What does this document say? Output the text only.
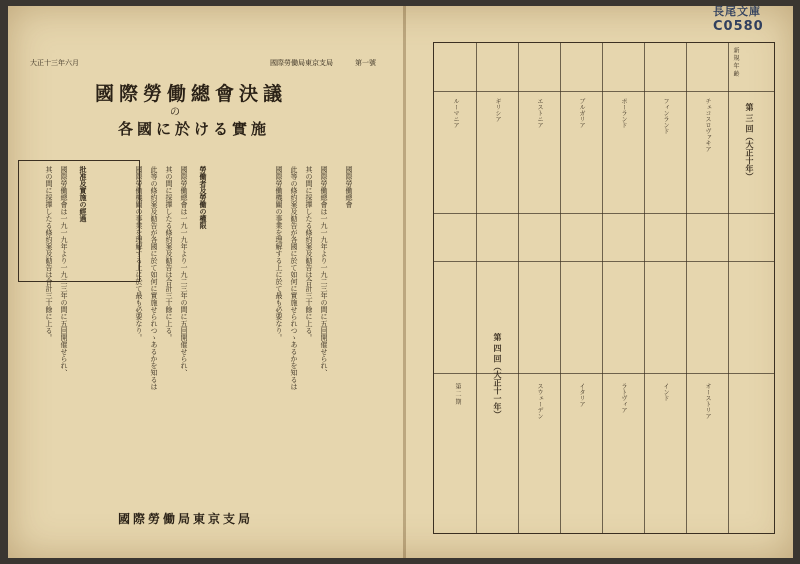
長尾文庫
C0580
大正十三年六月	國際勞働局東京支局	第一號
國際勞働總會決議
の
各國に於ける實施
國際勞働總會
國際勞働總會は一九一九年より一九二三年の間に五回開催せられ、
其の間に採擇したる條約案及勧告は合計三十餘に上る。
此等の條約案及勧告が各國に於て如何に實施せられつゝあるかを知るは
國際勞働機關の事業を理解する上に於て最も必要なり。
勞働者及勞働の權限
國際勞働總會は一九一九年より一九二三年の間に五回開催せられ、
其の間に採擇したる條約案及勧告は合計三十餘に上る。
此等の條約案及勧告が各國に於て如何に實施せられつゝあるかを知るは
國際勞働機關の事業を理解する上に於て最も必要なり。
批准及實施の經過
國際勞働總會は一九一九年より一九二三年の間に五回開催せられ、
其の間に採擇したる條約案及勧告は合計三十餘に上る。
國際勞働局東京支局
新 規 年 齢
第 三 回（大正十年）
第 四 回（大正十一年）
チェコスロヴァキア
フィンランド
ポーランド
ブルガリア
エストニア
ギリシア
ルーマニア
オーストリア
インド
ラトヴィア
イタリア
スウェーデン
第 二 期
